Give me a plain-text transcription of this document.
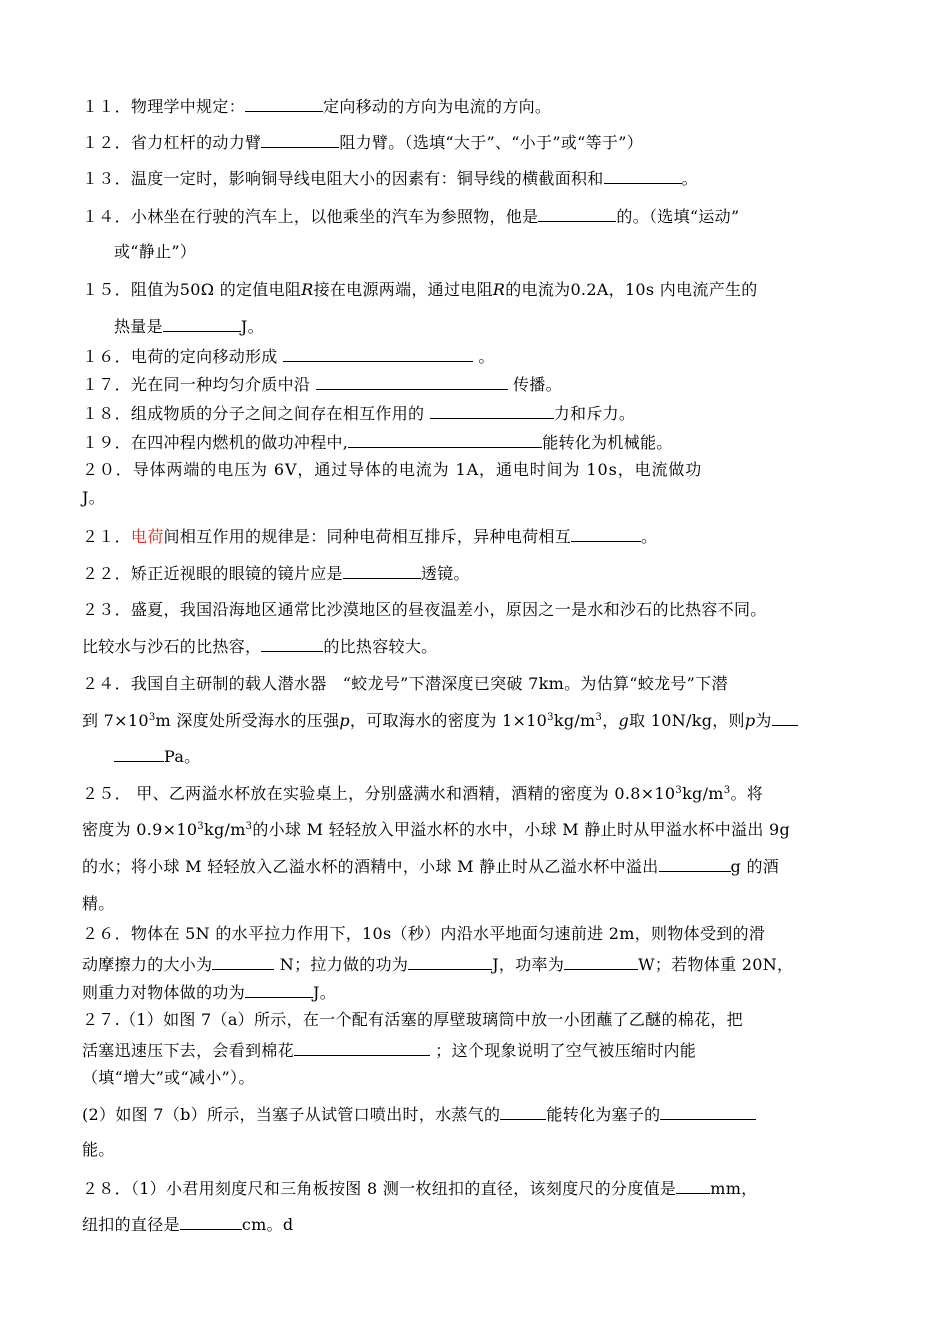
１１．物理学中规定：	定向移动的方向为电流的方向。
１２．省力杠杆的动力臂	阻力臂。（选填“大于”、“小于”或“等于”）
１３．温度一定时，影响铜导线电阻大小的因素有：铜导线的横截面积和	。
１４．小林坐在行驶的汽车上，以他乘坐的汽车为参照物，他是	的。（选填“运动”
或“静止”）
１５．阻值为50Ω 的定值电阻R接在电源两端，通过电阻R的电流为0.2A，10s 内电流产生的
热量是	J。
１６．电荷的定向移动形成	。
１７．光在同一种均匀介质中沿	传播。
１８．组成物质的分子之间之间存在相互作用的	力和斥力。
１９．在四冲程内燃机的做功冲程中,	能转化为机械能。
２０．导体两端的电压为 6V，通过导体的电流为 1A，通电时间为 10s，电流做功
J。
２１．电荷间相互作用的规律是：同种电荷相互排斥，异种电荷相互	。
２２．矫正近视眼的眼镜的镜片应是	透镜。
２３．盛夏，我国沿海地区通常比沙漠地区的昼夜温差小，原因之一是水和沙石的比热容不同。
比较水与沙石的比热容，	的比热容较大。
２４．我国自主研制的载人潜水器　“蛟龙号”下潜深度已突破 7km。为估算“蛟龙号”下潜
到 $7\times 10^3m$ 深度处所受海水的压强p，可取海水的密度为 $1\times 10^3kg/m^3$，g取 10N/kg，则p为
Pa。
２５． 甲、乙两溢水杯放在实验桌上，分别盛满水和酒精，酒精的密度为 $0.8\times 10^3kg/m^3$。将
密度为 $0.9\times 10^3kg/m^3$的小球 M 轻轻放入甲溢水杯的水中，小球 M 静止时从甲溢水杯中溢出 9g
的水；将小球 M 轻轻放入乙溢水杯的酒精中，小球 M 静止时从乙溢水杯中溢出	g 的酒
精。
２６．物体在 5N 的水平拉力作用下，10s（秒）内沿水平地面匀速前进 2m，则物体受到的滑
动摩擦力的大小为	N；拉力做的功为	J，功率为	W；若物体重 20N，
则重力对物体做的功为	J。
２７.（1）如图 7（a）所示，在一个配有活塞的厚壁玻璃筒中放一小团蘸了乙醚的棉花，把
活塞迅速压下去，会看到棉花	；这个现象说明了空气被压缩时内能
（填“增大”或“减小”）。
(2）如图 7（b）所示，当塞子从试管口喷出时，水蒸气的	能转化为塞子的
能。
２８．（1）小君用刻度尺和三角板按图 8 测一枚纽扣的直径，该刻度尺的分度值是 mm，
纽扣的直径是	cm。d
